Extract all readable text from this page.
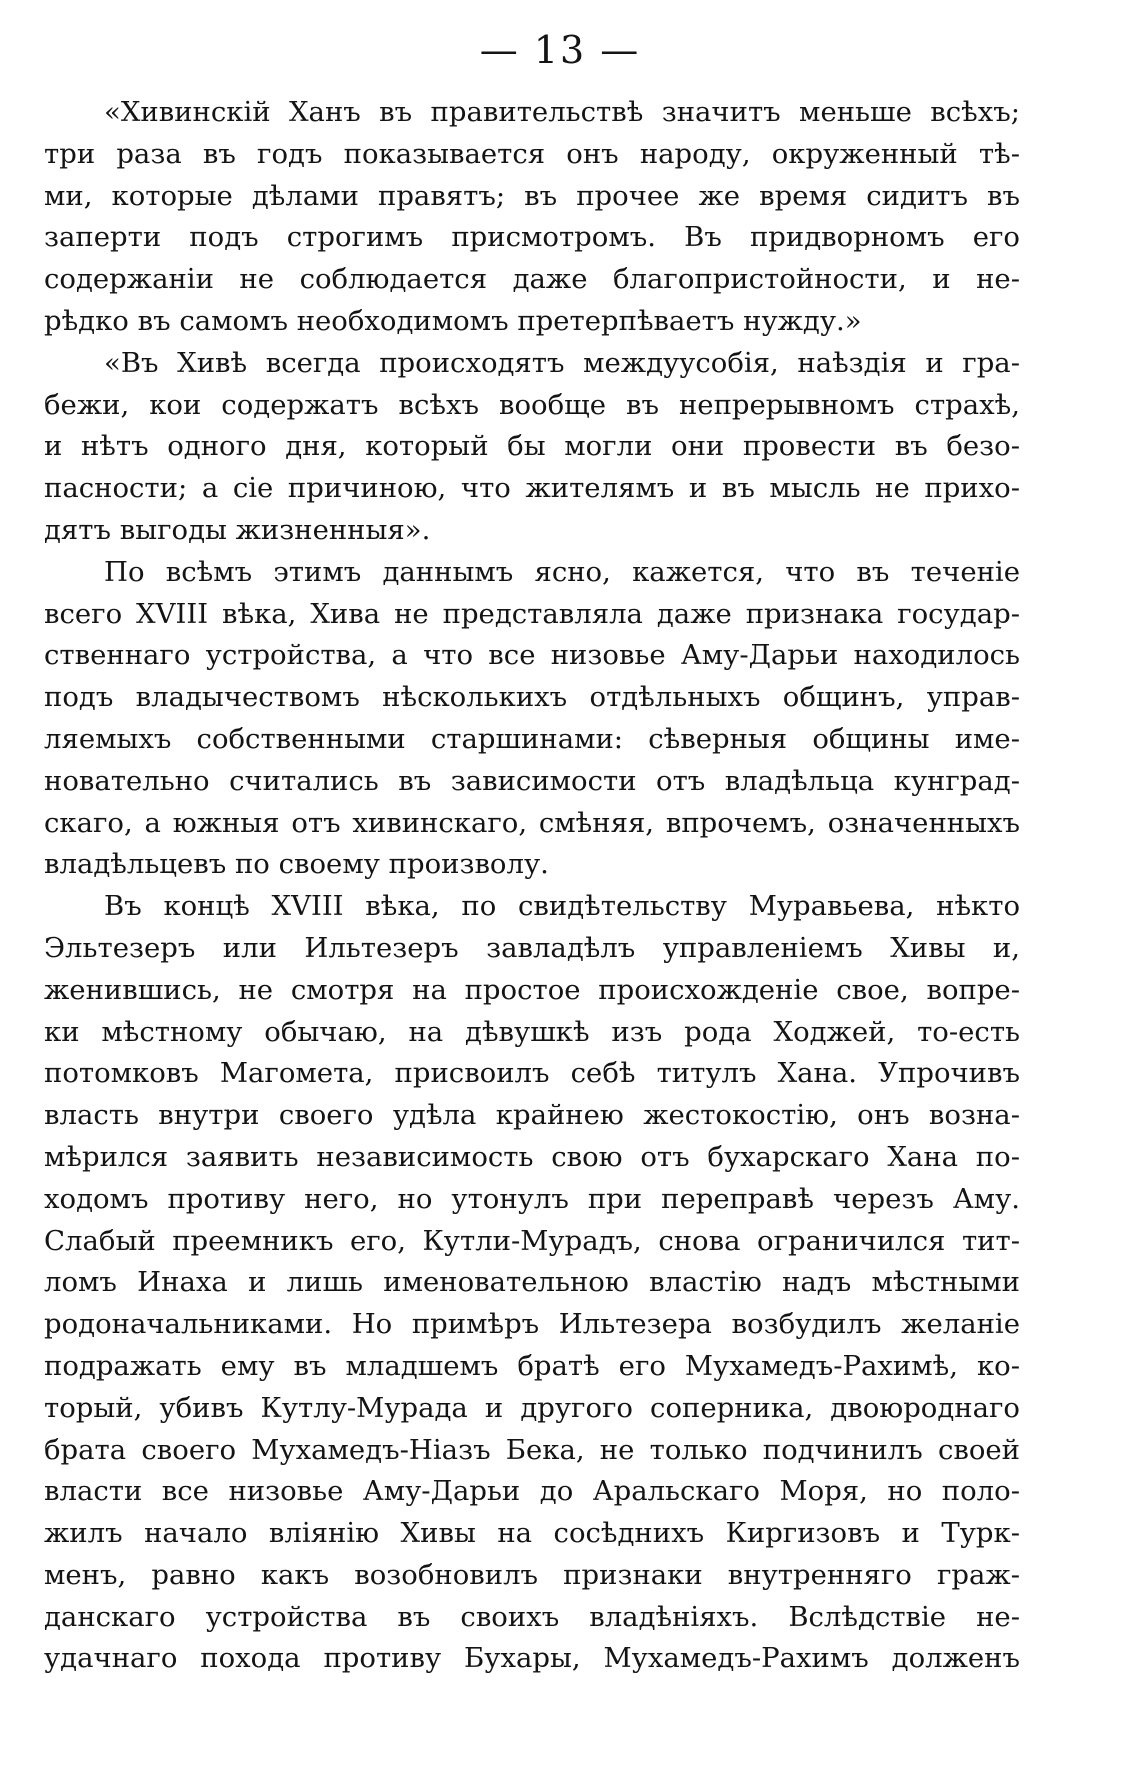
— 13 —
«Хивинскій Ханъ въ правительствѣ значитъ меньше всѣхъ;
три раза въ годъ показывается онъ народу, окруженный тѣ-
ми, которые дѣлами правятъ; въ прочее же время сидитъ въ
заперти подъ строгимъ присмотромъ. Въ придворномъ его
содержаніи не соблюдается даже благопристойности, и не-
рѣдко въ самомъ необходимомъ претерпѣваетъ нужду.»
«Въ Хивѣ всегда происходятъ междуусобія, наѣздія и гра-
бежи, кои содержатъ всѣхъ вообще въ непрерывномъ страхѣ,
и нѣтъ одного дня, который бы могли они провести въ безо-
пасности; а сіе причиною, что жителямъ и въ мысль не прихо-
дятъ выгоды жизненныя».
По всѣмъ этимъ даннымъ ясно, кажется, что въ теченіе
всего XVIII вѣка, Хива не представляла даже признака государ-
ственнаго устройства, а что все низовье Аму-Дарьи находилось
подъ владычествомъ нѣсколькихъ отдѣльныхъ общинъ, управ-
ляемыхъ собственными старшинами: сѣверныя общины име-
новательно считались въ зависимости отъ владѣльца кунград-
скаго, а южныя отъ хивинскаго, смѣняя, впрочемъ, означенныхъ
владѣльцевъ по своему произволу.
Въ концѣ XVIII вѣка, по свидѣтельству Муравьева, нѣкто
Эльтезеръ или Ильтезеръ завладѣлъ управленіемъ Хивы и,
женившись, не смотря на простое происхожденіе свое, вопре-
ки мѣстному обычаю, на дѣвушкѣ изъ рода Ходжей, то-есть
потомковъ Магомета, присвоилъ себѣ титулъ Хана. Упрочивъ
власть внутри своего удѣла крайнею жестокостію, онъ возна-
мѣрился заявить независимость свою отъ бухарскаго Хана по-
ходомъ противу него, но утонулъ при переправѣ черезъ Аму.
Слабый преемникъ его, Кутли-Мурадъ, снова ограничился тит-
ломъ Инаха и лишь именовательною властію надъ мѣстными
родоначальниками. Но примѣръ Ильтезера возбудилъ желаніе
подражать ему въ младшемъ братѣ его Мухамедъ-Рахимѣ, ко-
торый, убивъ Кутлу-Мурада и другого соперника, двоюроднаго
брата своего Мухамедъ-Ніазъ Бека, не только подчинилъ своей
власти все низовье Аму-Дарьи до Аральскаго Моря, но поло-
жилъ начало вліянію Хивы на сосѣднихъ Киргизовъ и Турк-
менъ, равно какъ возобновилъ признаки внутренняго граж-
данскаго устройства въ своихъ владѣніяхъ. Вслѣдствіе не-
удачнаго похода противу Бухары, Мухамедъ-Рахимъ долженъ
